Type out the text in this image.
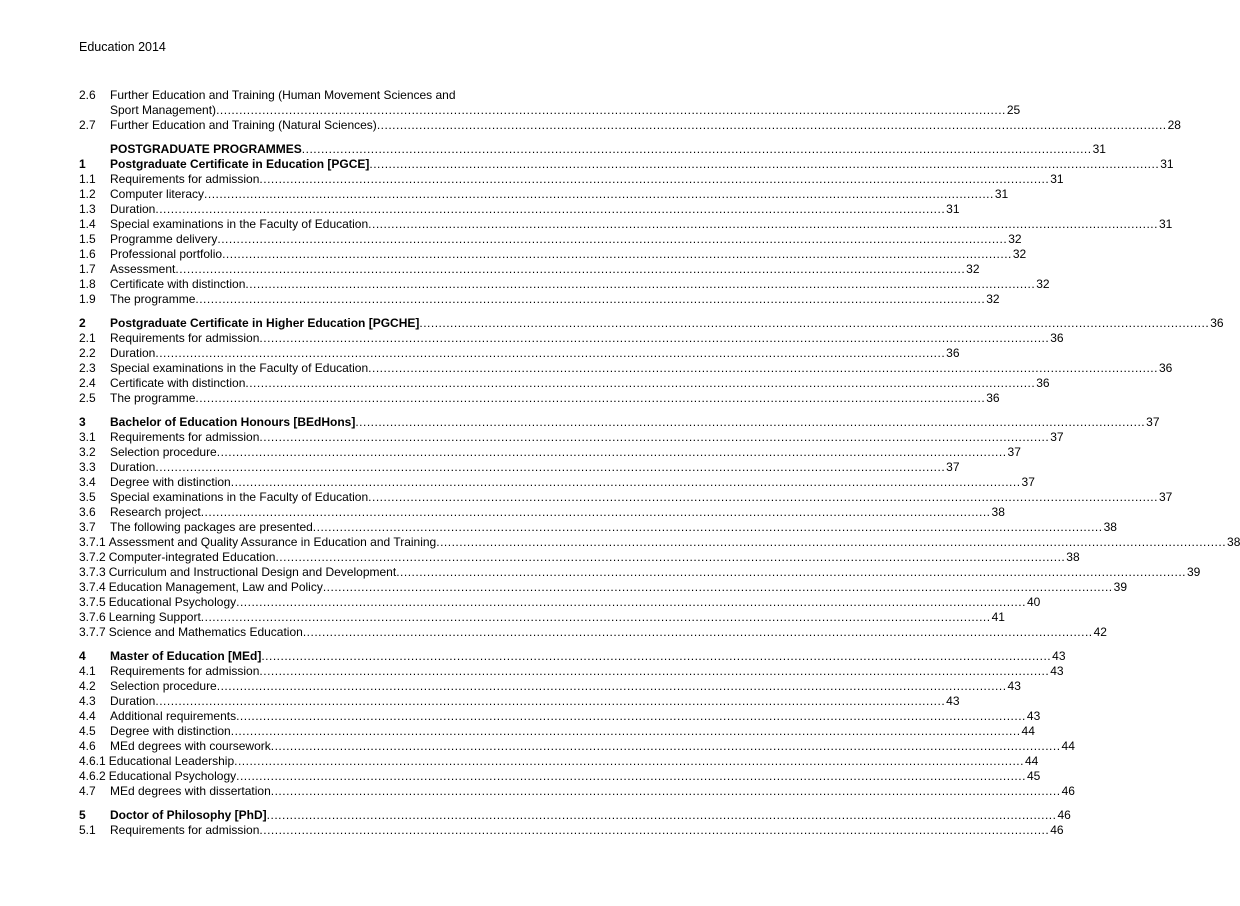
Education 2014
2.6	Further Education and Training (Human Movement Sciences and
Sport Management) .....	25
2.7	Further Education and Training (Natural Sciences) .....	28
POSTGRADUATE PROGRAMMES .....	31
1	Postgraduate Certificate in Education [PGCE] .....	31
1.1	Requirements for admission .....	31
1.2	Computer literacy .....	31
1.3	Duration .....	31
1.4	Special examinations in the Faculty of Education .....	31
1.5	Programme delivery .....	32
1.6	Professional portfolio .....	32
1.7	Assessment .....	32
1.8	Certificate with distinction .....	32
1.9	The programme .....	32
2	Postgraduate Certificate in Higher Education [PGCHE] .....	36
2.1	Requirements for admission .....	36
2.2	Duration .....	36
2.3	Special examinations in the Faculty of Education .....	36
2.4	Certificate with distinction .....	36
2.5	The programme .....	36
3	Bachelor of Education Honours [BEdHons] .....	37
3.1	Requirements for admission .....	37
3.2	Selection procedure .....	37
3.3	Duration .....	37
3.4	Degree with distinction .....	37
3.5	Special examinations in the Faculty of Education .....	37
3.6	Research project .....	38
3.7	The following packages are presented .....	38
3.7.1 Assessment and Quality Assurance in Education and Training .....	38
3.7.2 Computer-integrated Education .....	38
3.7.3 Curriculum and Instructional Design and Development .....	39
3.7.4 Education Management, Law and Policy .....	39
3.7.5 Educational Psychology .....	40
3.7.6 Learning Support .....	41
3.7.7 Science and Mathematics Education .....	42
4	Master of Education [MEd] .....	43
4.1	Requirements for admission .....	43
4.2	Selection procedure .....	43
4.3	Duration .....	43
4.4	Additional requirements .....	43
4.5	Degree with distinction .....	44
4.6	MEd degrees with coursework .....	44
4.6.1 Educational Leadership .....	44
4.6.2 Educational Psychology .....	45
4.7	MEd degrees with dissertation .....	46
5	Doctor of Philosophy [PhD] .....	46
5.1	Requirements for admission .....	46
